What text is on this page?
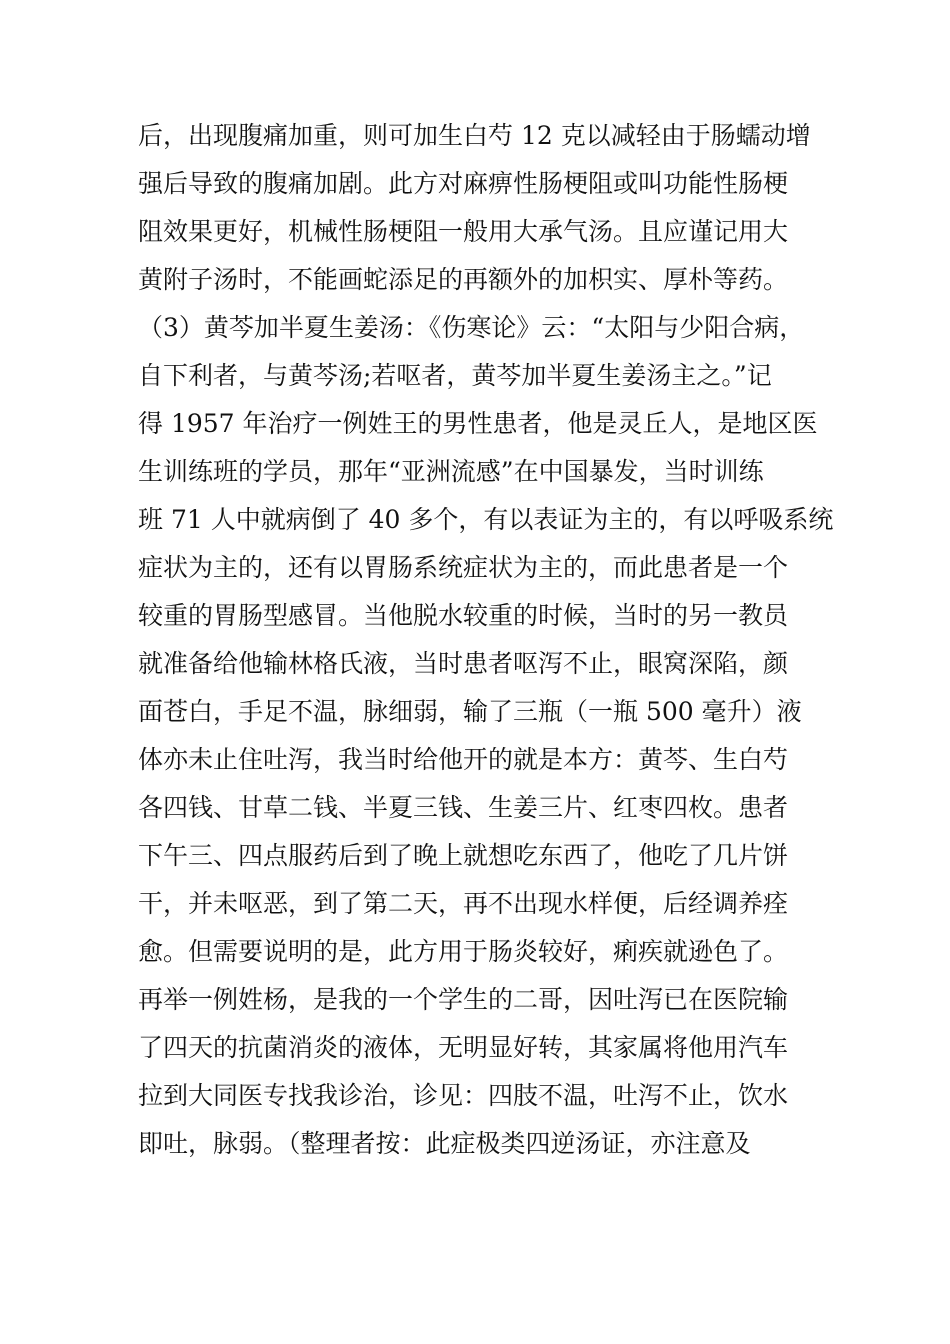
后，出现腹痛加重，则可加生白芍 12 克以减轻由于肠蠕动增
强后导致的腹痛加剧。此方对麻痹性肠梗阻或叫功能性肠梗
阻效果更好，机械性肠梗阻一般用大承气汤。且应谨记用大
黄附子汤时，不能画蛇添足的再额外的加枳实、厚朴等药。
（3）黄芩加半夏生姜汤：《伤寒论》云：“太阳与少阳合病，
自下利者，与黄芩汤;若呕者，黄芩加半夏生姜汤主之。”记
得 1957 年治疗一例姓王的男性患者，他是灵丘人，是地区医
生训练班的学员，那年“亚洲流感”在中国暴发，当时训练
班 71 人中就病倒了 40 多个，有以表证为主的，有以呼吸系统
症状为主的，还有以胃肠系统症状为主的，而此患者是一个
较重的胃肠型感冒。当他脱水较重的时候，当时的另一教员
就准备给他输林格氏液，当时患者呕泻不止，眼窝深陷，颜
面苍白，手足不温，脉细弱，输了三瓶（一瓶 500 毫升）液
体亦未止住吐泻，我当时给他开的就是本方：黄芩、生白芍
各四钱、甘草二钱、半夏三钱、生姜三片、红枣四枚。患者
下午三、四点服药后到了晚上就想吃东西了，他吃了几片饼
干，并未呕恶，到了第二天，再不出现水样便，后经调养痊
愈。但需要说明的是，此方用于肠炎较好，痢疾就逊色了。
再举一例姓杨，是我的一个学生的二哥，因吐泻已在医院输
了四天的抗菌消炎的液体，无明显好转，其家属将他用汽车
拉到大同医专找我诊治，诊见：四肢不温，吐泻不止，饮水
即吐，脉弱。（整理者按：此症极类四逆汤证，亦注意及
